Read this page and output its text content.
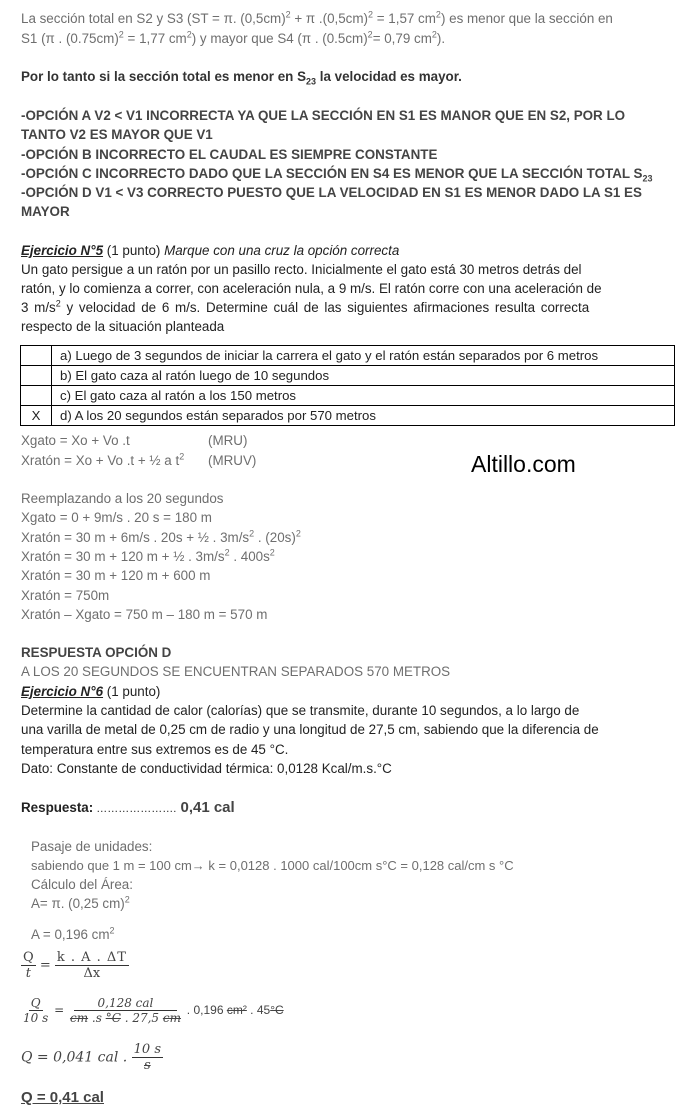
La sección total en S2 y S3 (ST = π. $(0,5cm)^2 + \pi$ $.(0,5cm)^2 = 1,57$ $cm^2$) es menor que la sección en
S1 (π . $(0.75cm)^2 = 1,77$ $cm^2$) y mayor que S4 (π . $(0.5cm)^2= 0,79$ $cm^2$).
Por lo tanto si la sección total es menor en $S_{23}$ la velocidad es mayor.
-OPCIÓN A V2 < V1 INCORRECTA YA QUE LA SECCIÓN EN S1 ES MANOR QUE EN S2, POR LO
TANTO V2 ES MAYOR QUE V1
-OPCIÓN B INCORRECTO EL CAUDAL ES SIEMPRE CONSTANTE
-OPCIÓN C INCORRECTO DADO QUE LA SECCIÓN EN S4 ES MENOR QUE LA SECCIÓN TOTAL $S_{23}$
-OPCIÓN D V1 < V3 CORRECTO PUESTO QUE LA VELOCIDAD EN S1 ES MENOR DADO LA S1 ES
MAYOR
Ejercicio N°5 (1 punto) Marque con una cruz la opción correcta
Un gato persigue a un ratón por un pasillo recto. Inicialmente el gato está 30 metros detrás del
ratón, y lo comienza a correr, con aceleración nula, a 9 m/s. El ratón corre con una aceleración de
3 $m/s^2$ y velocidad de 6 m/s. Determine cuál de las siguientes afirmaciones resulta correcta
respecto de la situación planteada
	a) Luego de 3 segundos de iniciar la carrera el gato y el ratón están separados por 6 metros
	b) El gato caza al ratón luego de 10 segundos
	c) El gato caza al ratón a los 150 metros
X	d) A los 20 segundos están separados por 570 metros
Xgato = Xo + Vo .t	(MRU)
Xratón = Xo + Vo .t + ½ a $t^2$ (MRUV)	Altillo.com
Reemplazando a los 20 segundos
Xgato = 0 + 9m/s . 20 s = 180 m
Xratón = 30 m + 6m/s . 20s + ½ . $3m/s^2$ . $(20s)^2$
Xratón = 30 m + 120 m + ½ . $3m/s^2$ . $400s^2$
Xratón = 30 m + 120 m + 600 m
Xratón = 750m
Xratón – Xgato = 750 m – 180 m = 570 m
RESPUESTA OPCIÓN D
A LOS 20 SEGUNDOS SE ENCUENTRAN SEPARADOS 570 METROS
Ejercicio N°6 (1 punto)
Determine la cantidad de calor (calorías) que se transmite, durante 10 segundos, a lo largo de
una varilla de metal de 0,25 cm de radio y una longitud de 27,5 cm, sabiendo que la diferencia de
temperatura entre sus extremos es de 45 °C.
Dato: Constante de conductividad térmica: 0,0128 Kcal/m.s.°C
Respuesta: …………………. 0,41 cal
Pasaje de unidades:
sabiendo que 1 m = 100 cm→ k = 0,0128 . 1000 cal/100cm s°C = 0,128 cal/cm s °C
Cálculo del Área:
A= π. (0,25 cm)$^2$
A = 0,196 $cm^2$
$\frac{Q}{t} = \frac{k . A . \Delta T}{\Delta x}$
$\frac{Q}{10 s} = \frac{\text{0,128 cal}}{cm .s ^\circ C . 27,5 cm}$ . 0,196 cm² . 45°C
Q = 0,041 cal . $\frac{10 s}{s}$
Q = 0,41 cal
